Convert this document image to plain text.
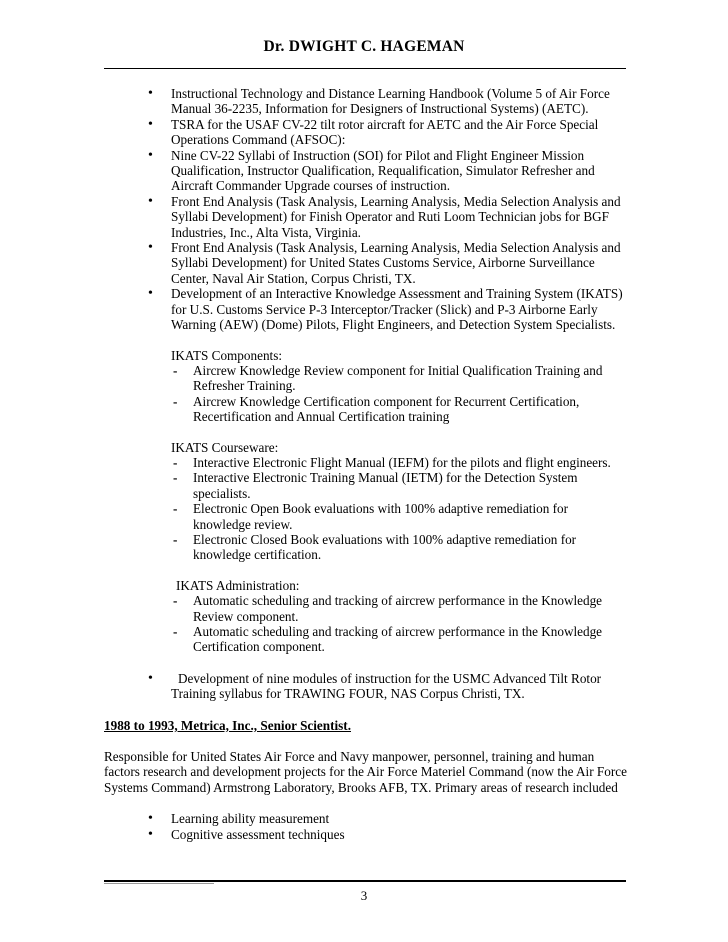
Dr. DWIGHT C. HAGEMAN
• Instructional Technology and Distance Learning Handbook (Volume 5 of Air Force Manual 36-2235, Information for Designers of Instructional Systems) (AETC).
• TSRA for the USAF CV-22 tilt rotor aircraft for AETC and the Air Force Special Operations Command (AFSOC):
• Nine CV-22 Syllabi of Instruction (SOI) for Pilot and Flight Engineer Mission Qualification, Instructor Qualification, Requalification, Simulator Refresher and Aircraft Commander Upgrade courses of instruction.
• Front End Analysis (Task Analysis, Learning Analysis, Media Selection Analysis and Syllabi Development) for Finish Operator and Ruti Loom Technician jobs for BGF Industries, Inc., Alta Vista, Virginia.
• Front End Analysis (Task Analysis, Learning Analysis, Media Selection Analysis and Syllabi Development) for United States Customs Service, Airborne Surveillance Center, Naval Air Station, Corpus Christi, TX.
• Development of an Interactive Knowledge Assessment and Training System (IKATS) for U.S. Customs Service P-3 Interceptor/Tracker (Slick) and P-3 Airborne Early Warning (AEW) (Dome) Pilots, Flight Engineers, and Detection System Specialists.
IKATS Components:
- Aircrew Knowledge Review component for Initial Qualification Training and Refresher Training.
- Aircrew Knowledge Certification component for Recurrent Certification, Recertification and Annual Certification training
IKATS Courseware:
- Interactive Electronic Flight Manual (IEFM) for the pilots and flight engineers.
- Interactive Electronic Training Manual (IETM) for the Detection System specialists.
- Electronic Open Book evaluations with 100% adaptive remediation for knowledge review.
- Electronic Closed Book evaluations with 100% adaptive remediation for knowledge certification.
IKATS Administration:
- Automatic scheduling and tracking of aircrew performance in the Knowledge Review component.
- Automatic scheduling and tracking of aircrew performance in the Knowledge Certification component.
•	Development of nine modules of instruction for the USMC Advanced Tilt Rotor
Training syllabus for TRAWING FOUR, NAS Corpus Christi, TX.
1988 to 1993, Metrica, Inc., Senior Scientist.
Responsible for United States Air Force and Navy manpower, personnel, training and human factors research and development projects for the Air Force Materiel Command (now the Air Force Systems Command) Armstrong Laboratory, Brooks AFB, TX. Primary areas of research included
• Learning ability measurement
• Cognitive assessment techniques
3
